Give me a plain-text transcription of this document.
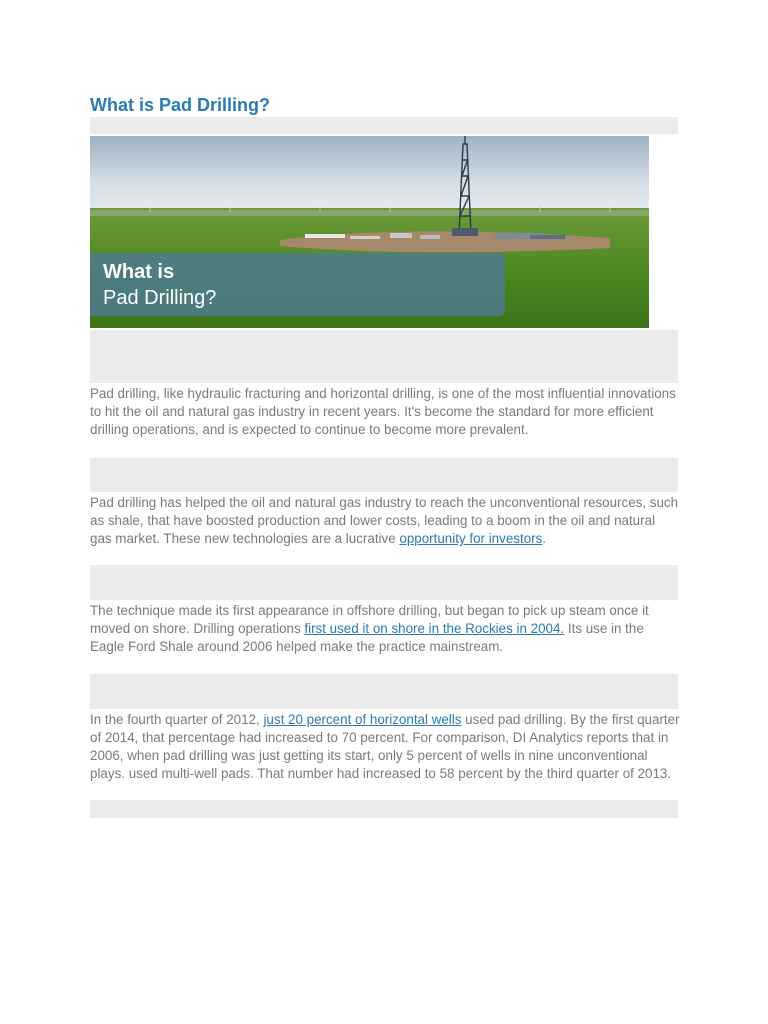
What is Pad Drilling?
What is
Pad Drilling?

Pad drilling, like hydraulic fracturing and horizontal drilling, is one of the most influential innovations to hit the oil and natural gas industry in recent years. It's become the standard for more efficient drilling operations, and is expected to continue to become more prevalent.

Pad drilling has helped the oil and natural gas industry to reach the unconventional resources, such as shale, that have boosted production and lower costs, leading to a boom in the oil and natural gas market. These new technologies are a lucrative opportunity for investors.

The technique made its first appearance in offshore drilling, but began to pick up steam once it moved on shore. Drilling operations first used it on shore in the Rockies in 2004. Its use in the Eagle Ford Shale around 2006 helped make the practice mainstream.

In the fourth quarter of 2012, just 20 percent of horizontal wells used pad drilling. By the first quarter of 2014, that percentage had increased to 70 percent. For comparison, DI Analytics reports that in 2006, when pad drilling was just getting its start, only 5 percent of wells in nine unconventional plays. used multi-well pads. That number had increased to 58 percent by the third quarter of 2013.
